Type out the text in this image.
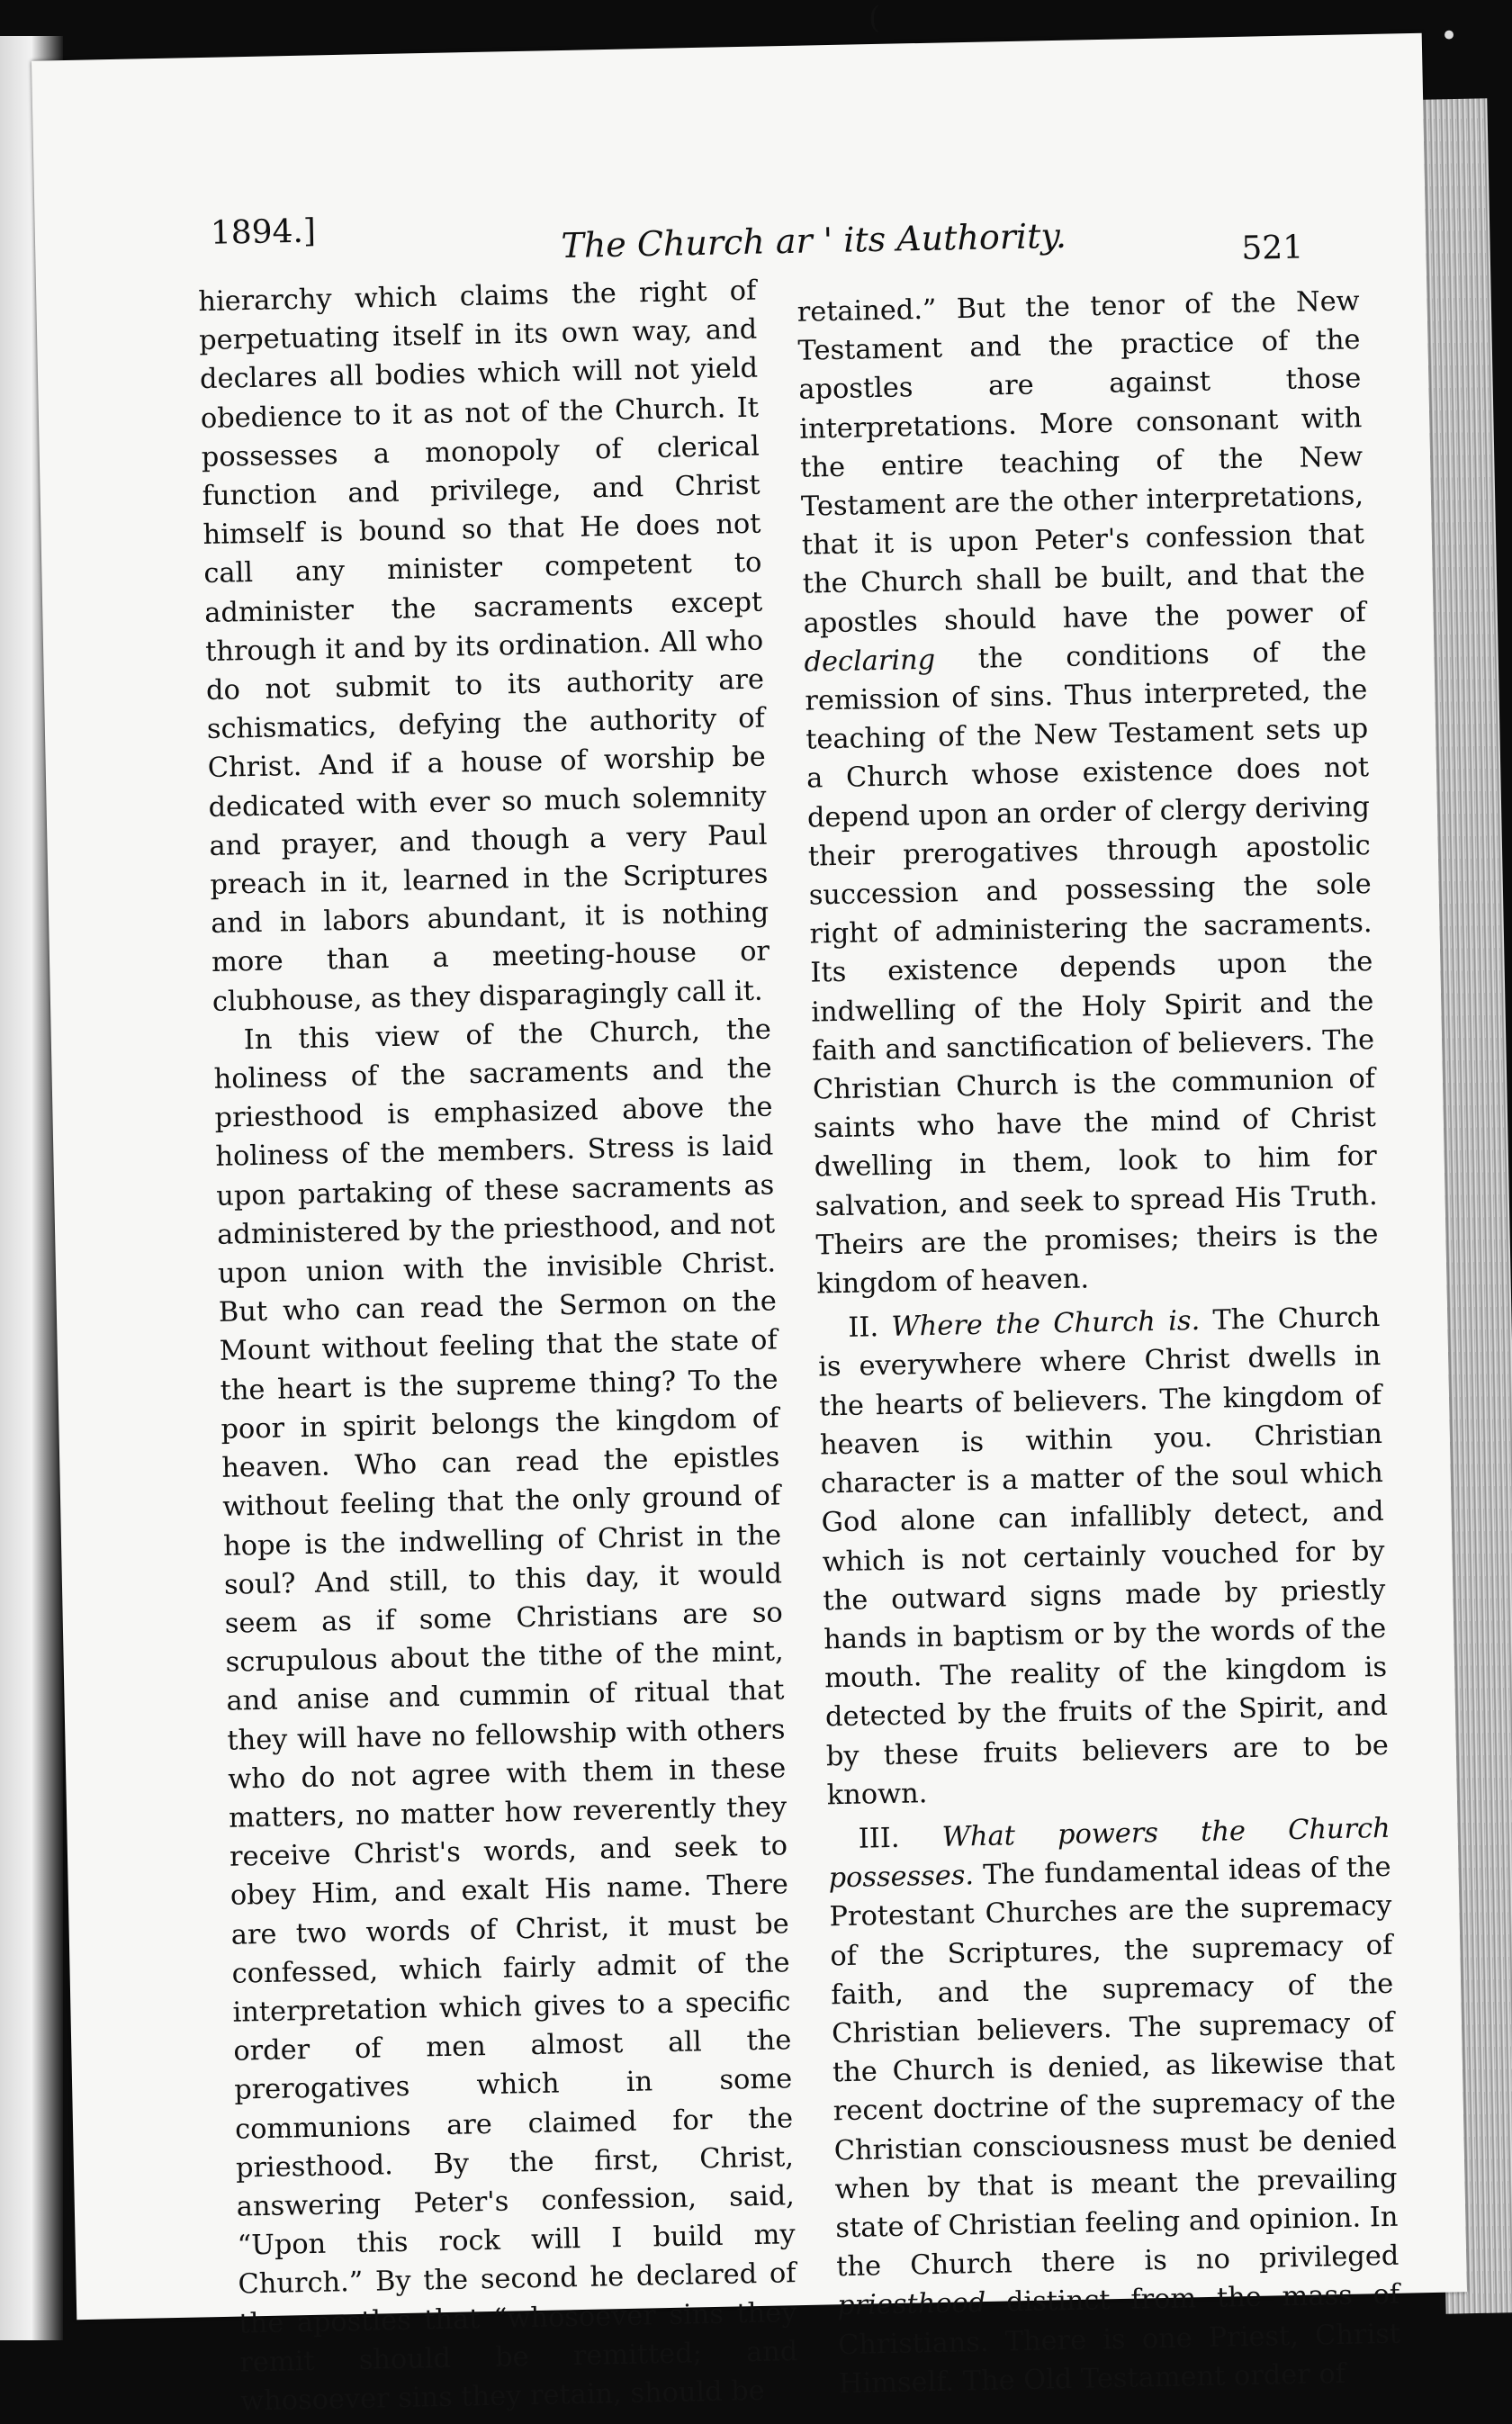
(	•
1894.]	The Church ar ' its Authority.	521

hierarchy which claims the right of perpetuating itself in its own way, and declares all bodies which will not yield obedience to it as not of the Church. It possesses a monopoly of clerical function and privilege, and Christ himself is bound so that He does not call any minister competent to administer the sacraments except through it and by its ordination. All who do not submit to its authority are schismatics, defying the authority of Christ. And if a house of worship be dedicated with ever so much solemnity and prayer, and though a very Paul preach in it, learned in the Scriptures and in labors abundant, it is nothing more than a meeting-house or clubhouse, as they disparagingly call it.

In this view of the Church, the holiness of the sacraments and the priesthood is emphasized above the holiness of the members. Stress is laid upon partaking of these sacraments as administered by the priesthood, and not upon union with the invisible Christ. But who can read the Sermon on the Mount without feeling that the state of the heart is the supreme thing? To the poor in spirit belongs the kingdom of heaven. Who can read the epistles without feeling that the only ground of hope is the indwelling of Christ in the soul? And still, to this day, it would seem as if some Christians are so scrupulous about the tithe of the mint, and anise and cummin of ritual that they will have no fellowship with others who do not agree with them in these matters, no matter how reverently they receive Christ's words, and seek to obey Him, and exalt His name. There are two words of Christ, it must be confessed, which fairly admit of the interpretation which gives to a specific order of men almost all the prerogatives which in some communions are claimed for the priesthood. By the first, Christ, answering Peter's confession, said, “Upon this rock will I build my Church.” By the second he declared of the apostles that “whosoever sins they remit should be remitted; and whosoever sins they retain, should be

retained.” But the tenor of the New Testament and the practice of the apostles are against those interpretations. More consonant with the entire teaching of the New Testament are the other interpretations, that it is upon Peter's confession that the Church shall be built, and that the apostles should have the power of declaring the conditions of the remission of sins. Thus interpreted, the teaching of the New Testament sets up a Church whose existence does not depend upon an order of clergy deriving their prerogatives through apostolic succession and possessing the sole right of administering the sacraments. Its existence depends upon the indwelling of the Holy Spirit and the faith and sanctification of believers. The Christian Church is the communion of saints who have the mind of Christ dwelling in them, look to him for salvation, and seek to spread His Truth. Theirs are the promises; theirs is the kingdom of heaven.

II. Where the Church is. The Church is everywhere where Christ dwells in the hearts of believers. The kingdom of heaven is within you. Christian character is a matter of the soul which God alone can infallibly detect, and which is not certainly vouched for by the outward signs made by priestly hands in baptism or by the words of the mouth. The reality of the kingdom is detected by the fruits of the Spirit, and by these fruits believers are to be known.

III. What powers the Church possesses. The fundamental ideas of the Protestant Churches are the supremacy of the Scriptures, the supremacy of faith, and the supremacy of the Christian believers. The supremacy of the Church is denied, as likewise that recent doctrine of the supremacy of the Christian consciousness must be denied when by that is meant the prevailing state of Christian feeling and opinion. In the Church there is no privileged priesthood distinct from the mass of Christians. There is one Priest, Christ Himself. The Old Testament order of
